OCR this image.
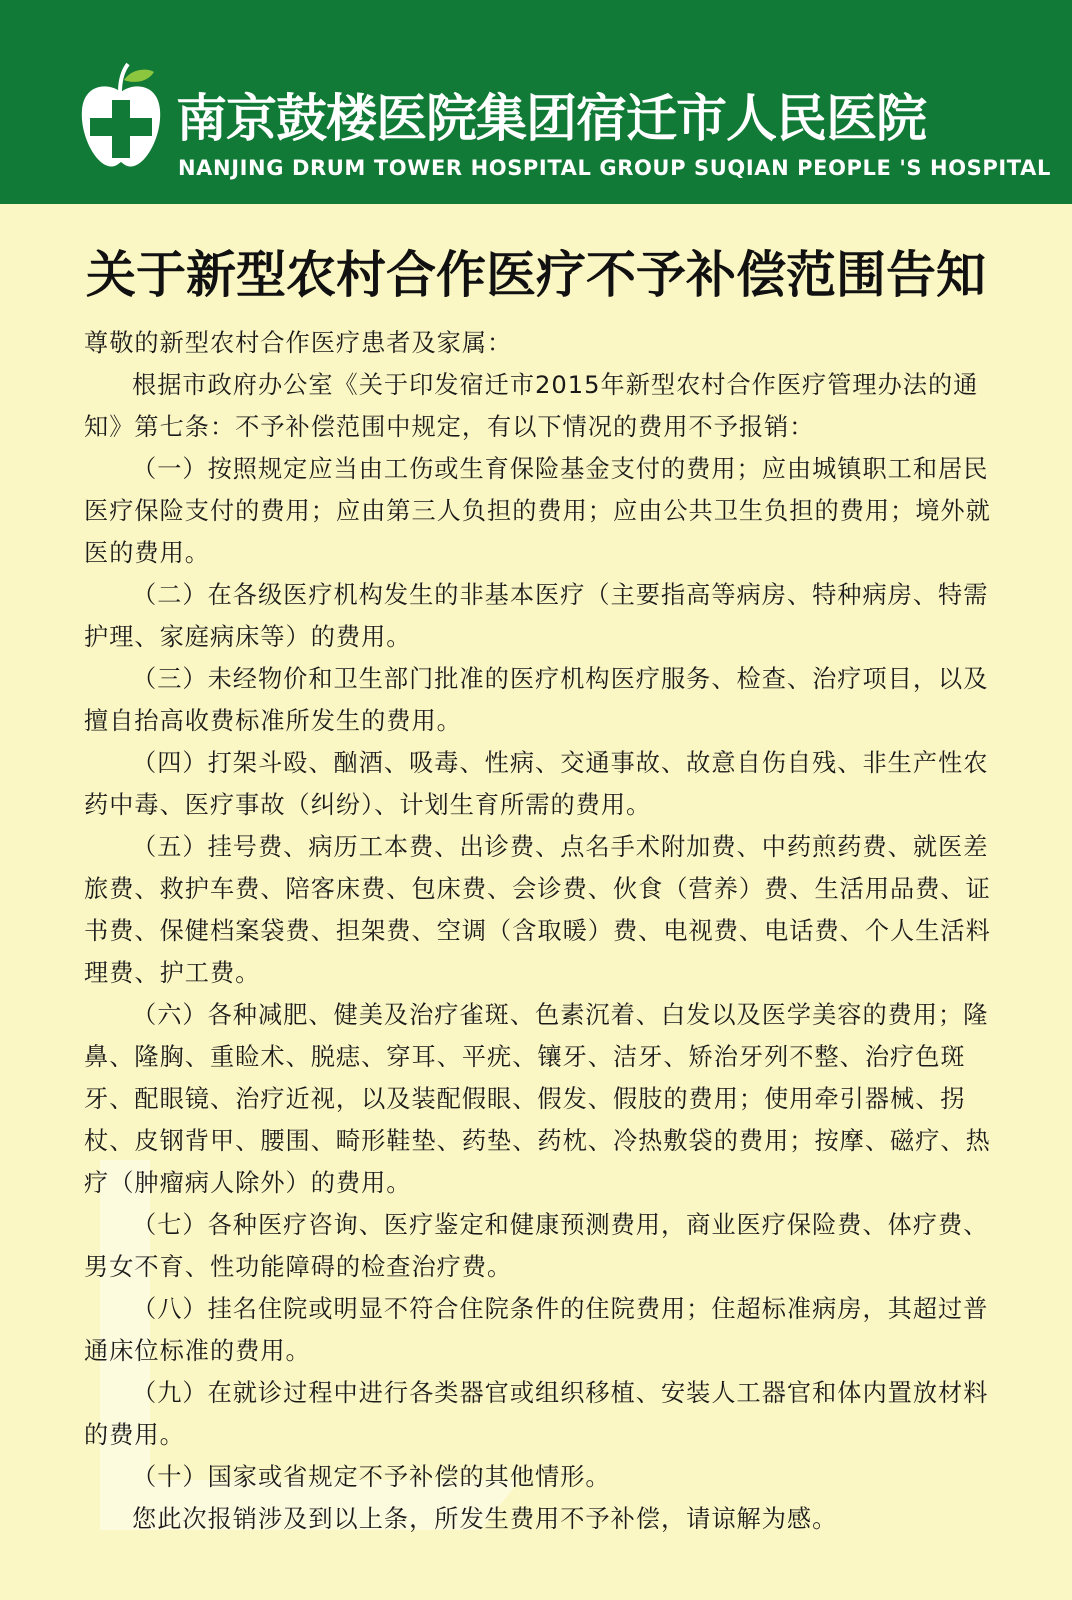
南京鼓楼医院集团宿迁市人民医院
NANJING DRUM TOWER HOSPITAL GROUP SUQIAN PEOPLE 'S HOSPITAL
关于新型农村合作医疗不予补偿范围告知

尊敬的新型农村合作医疗患者及家属：

根据市政府办公室《关于印发宿迁市2015年新型农村合作医疗管理办法的通知》第七条：不予补偿范围中规定，有以下情况的费用不予报销：

（一）按照规定应当由工伤或生育保险基金支付的费用；应由城镇职工和居民医疗保险支付的费用；应由第三人负担的费用；应由公共卫生负担的费用；境外就医的费用。

（二）在各级医疗机构发生的非基本医疗（主要指高等病房、特种病房、特需护理、家庭病床等）的费用。

（三）未经物价和卫生部门批准的医疗机构医疗服务、检查、治疗项目，以及擅自抬高收费标准所发生的费用。

（四）打架斗殴、酗酒、吸毒、性病、交通事故、故意自伤自残、非生产性农药中毒、医疗事故（纠纷）、计划生育所需的费用。

（五）挂号费、病历工本费、出诊费、点名手术附加费、中药煎药费、就医差旅费、救护车费、陪客床费、包床费、会诊费、伙食（营养）费、生活用品费、证书费、保健档案袋费、担架费、空调（含取暖）费、电视费、电话费、个人生活料理费、护工费。

（六）各种减肥、健美及治疗雀斑、色素沉着、白发以及医学美容的费用；隆鼻、隆胸、重睑术、脱痣、穿耳、平疣、镶牙、洁牙、矫治牙列不整、治疗色斑牙、配眼镜、治疗近视，以及装配假眼、假发、假肢的费用；使用牵引器械、拐杖、皮钢背甲、腰围、畸形鞋垫、药垫、药枕、冷热敷袋的费用；按摩、磁疗、热疗（肿瘤病人除外）的费用。

（七）各种医疗咨询、医疗鉴定和健康预测费用，商业医疗保险费、体疗费、男女不育、性功能障碍的检查治疗费。

（八）挂名住院或明显不符合住院条件的住院费用；住超标准病房，其超过普通床位标准的费用。

（九）在就诊过程中进行各类器官或组织移植、安装人工器官和体内置放材料的费用。

（十）国家或省规定不予补偿的其他情形。

您此次报销涉及到以上条，所发生费用不予补偿，请谅解为感。
